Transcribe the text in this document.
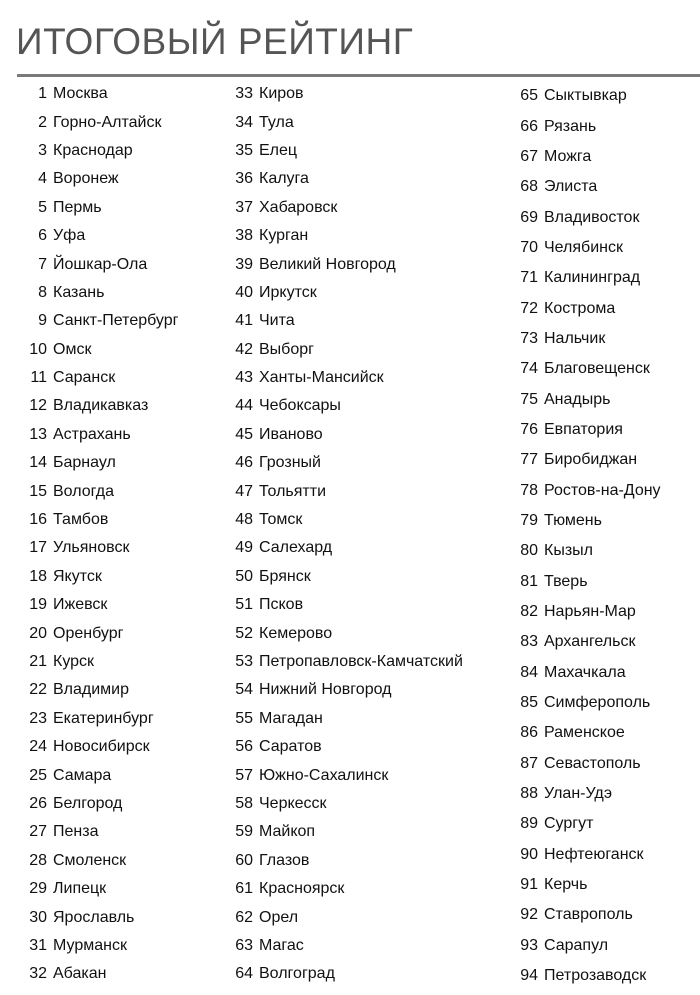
ИТОГОВЫЙ РЕЙТИНГ
1 Москва
2 Горно-Алтайск
3 Краснодар
4 Воронеж
5 Пермь
6 Уфа
7 Йошкар-Ола
8 Казань
9 Санкт-Петербург
10 Омск
11 Саранск
12 Владикавказ
13 Астрахань
14 Барнаул
15 Вологда
16 Тамбов
17 Ульяновск
18 Якутск
19 Ижевск
20 Оренбург
21 Курск
22 Владимир
23 Екатеринбург
24 Новосибирск
25 Самара
26 Белгород
27 Пенза
28 Смоленск
29 Липецк
30 Ярославль
31 Мурманск
32 Абакан
33 Киров
34 Тула
35 Елец
36 Калуга
37 Хабаровск
38 Курган
39 Великий Новгород
40 Иркутск
41 Чита
42 Выборг
43 Ханты-Мансийск
44 Чебоксары
45 Иваново
46 Грозный
47 Тольятти
48 Томск
49 Салехард
50 Брянск
51 Псков
52 Кемерово
53 Петропавловск-Камчатский
54 Нижний Новгород
55 Магадан
56 Саратов
57 Южно-Сахалинск
58 Черкесск
59 Майкоп
60 Глазов
61 Красноярск
62 Орел
63 Магас
64 Волгоград
65 Сыктывкар
66 Рязань
67 Можга
68 Элиста
69 Владивосток
70 Челябинск
71 Калининград
72 Кострома
73 Нальчик
74 Благовещенск
75 Анадырь
76 Евпатория
77 Биробиджан
78 Ростов-на-Дону
79 Тюмень
80 Кызыл
81 Тверь
82 Нарьян-Мар
83 Архангельск
84 Махачкала
85 Симферополь
86 Раменское
87 Севастополь
88 Улан-Удэ
89 Сургут
90 Нефтеюганск
91 Керчь
92 Ставрополь
93 Сарапул
94 Петрозаводск
